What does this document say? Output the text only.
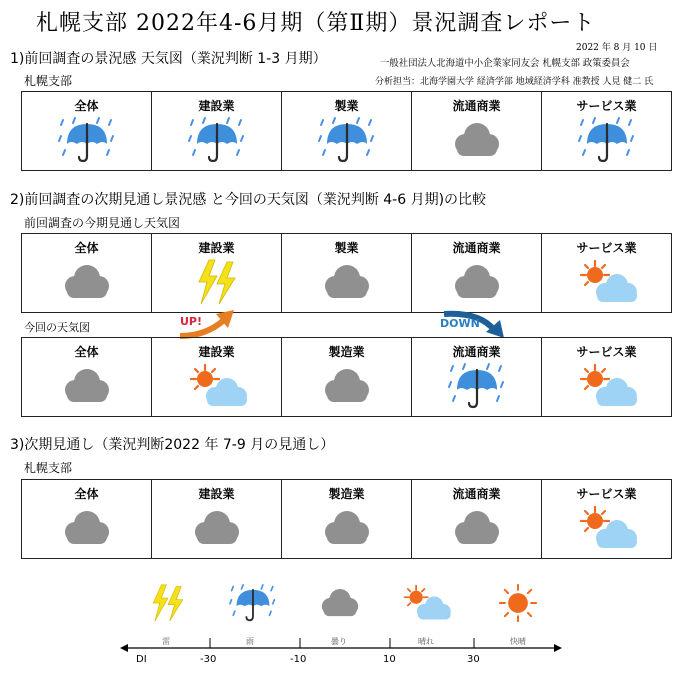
札幌支部 2022年4-6月期（第Ⅱ期）景況調査レポート
2022 年 8 月 10 日
一般社団法人北海道中小企業家同友会 札幌支部 政策委員会
分析担当：北海学園大学 経済学部 地域経済学科 准教授 人見 健二 氏
1)前回調査の景況感 天気図（業況判断 1-3 月期）
札幌支部
全体	建設業	製業	流通商業	サービス業
2)前回調査の次期見通し景況感 と今回の天気図（業況判断 4-6 月期)の比較
前回調査の今期見通し天気図
全体	建設業	製業	流通商業	サービス業
今回の天気図	UP!	DOWN
全体	建設業	製造業	流通商業	サービス業
3)次期見通し（業況判断2022 年 7-9 月の見通し）
札幌支部
全体	建設業	製造業	流通商業	サービス業
雷	雨	曇り	晴れ	快晴
DI	-30	-10	10	30
